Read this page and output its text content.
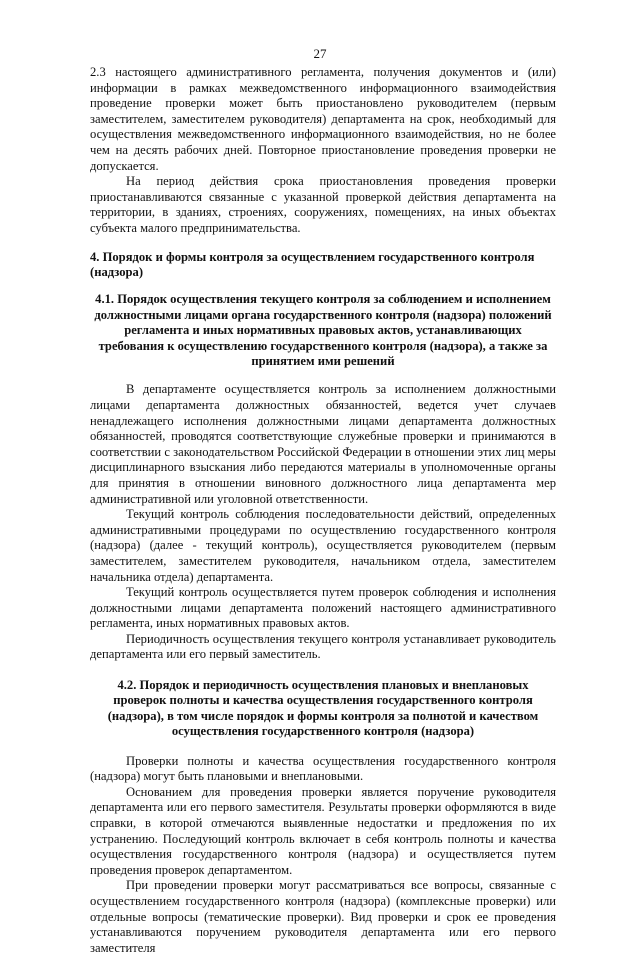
27

2.3 настоящего административного регламента, получения документов и (или) информации в рамках межведомственного информационного взаимодействия проведение проверки может быть приостановлено руководителем (первым заместителем, заместителем руководителя) департамента на срок, необходимый для осуществления межведомственного информационного взаимодействия, но не более чем на десять рабочих дней. Повторное приостановление проведения проверки не допускается.

На период действия срока приостановления проведения проверки приостанавливаются связанные с указанной проверкой действия департамента на территории, в зданиях, строениях, сооружениях, помещениях, на иных объектах субъекта малого предпринимательства.

4. Порядок и формы контроля за осуществлением государственного контроля (надзора)

4.1. Порядок осуществления текущего контроля за соблюдением и исполнением должностными лицами органа государственного контроля (надзора) положений регламента и иных нормативных правовых актов, устанавливающих требования к осуществлению государственного контроля (надзора), а также за принятием ими решений

В департаменте осуществляется контроль за исполнением должностными лицами департамента должностных обязанностей, ведется учет случаев ненадлежащего исполнения должностными лицами департамента должностных обязанностей, проводятся соответствующие служебные проверки и принимаются в соответствии с законодательством Российской Федерации в отношении этих лиц меры дисциплинарного взыскания либо передаются материалы в уполномоченные органы для принятия в отношении виновного должностного лица департамента мер административной или уголовной ответственности.

Текущий контроль соблюдения последовательности действий, определенных административными процедурами по осуществлению государственного контроля (надзора) (далее - текущий контроль), осуществляется руководителем (первым заместителем, заместителем руководителя, начальником отдела, заместителем начальника отдела) департамента.

Текущий контроль осуществляется путем проверок соблюдения и исполнения должностными лицами департамента положений настоящего административного регламента, иных нормативных правовых актов.

Периодичность осуществления текущего контроля устанавливает руководитель департамента или его первый заместитель.

4.2. Порядок и периодичность осуществления плановых и внеплановых проверок полноты и качества осуществления государственного контроля (надзора), в том числе порядок и формы контроля за полнотой и качеством осуществления государственного контроля (надзора)

Проверки полноты и качества осуществления государственного контроля (надзора) могут быть плановыми и внеплановыми.

Основанием для проведения проверки является поручение руководителя департамента или его первого заместителя. Результаты проверки оформляются в виде справки, в которой отмечаются выявленные недостатки и предложения по их устранению. Последующий контроль включает в себя контроль полноты и качества осуществления государственного контроля (надзора) и осуществляется путем проведения проверок департаментом.

При проведении проверки могут рассматриваться все вопросы, связанные с осуществлением государственного контроля (надзора) (комплексные проверки) или отдельные вопросы (тематические проверки). Вид проверки и срок ее проведения устанавливаются поручением руководителя департамента или его первого заместителя
